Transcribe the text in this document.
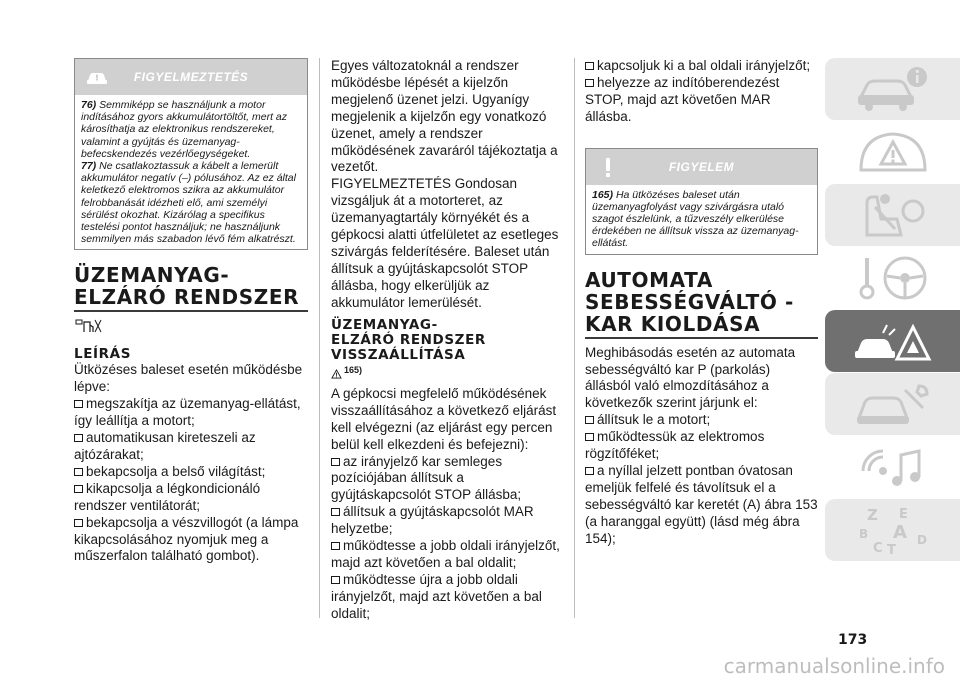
FIGYELMEZTETÉS

76) Semmiképp se használjunk a motor indításához gyors akkumulátortöltőt, mert az károsíthatja az elektronikus rendszereket, valamint a gyújtás és üzemanyag-befecskendezés vezérlőegységeket.

77) Ne csatlakoztassuk a kábelt a lemerült akkumulátor negatív (–) pólusához. Az ez által keletkező elektromos szikra az akkumulátor felrobbanását idézheti elő, ami személyi sérülést okozhat. Kizárólag a specifikus testelési pontot használjuk; ne használjunk semmilyen más szabadon lévő fém alkatrészt.

ÜZEMANYAG-

ELZÁRÓ RENDSZER

LEÍRÁS

Ütközéses baleset esetén működésbe lépve:

megszakítja az üzemanyag-ellátást, így leállítja a motort;

automatikusan kireteszeli az ajtózárakat;

bekapcsolja a belső világítást;

kikapcsolja a légkondicionáló rendszer ventilátorát;

bekapcsolja a vészvillogót (a lámpa kikapcsolásához nyomjuk meg a műszerfalon található gombot).

Egyes változatoknál a rendszer működésbe lépését a kijelzőn megjelenő üzenet jelzi. Ugyanígy megjelenik a kijelzőn egy vonatkozó üzenet, amely a rendszer működésének zavaráról tájékoztatja a vezetőt.

FIGYELMEZTETÉS Gondosan vizsgáljuk át a motorteret, az üzemanyagtartály környékét és a gépkocsi alatti útfelületet az esetleges szivárgás felderítésére. Baleset után állítsuk a gyújtáskapcsolót STOP állásba, hogy elkerüljük az akkumulátor lemerülését.

ÜZEMANYAG-

ELZÁRÓ RENDSZER

VISSZAÁLLÍTÁSA

$^{165)}$

A gépkocsi megfelelő működésének visszaállításához a következő eljárást kell elvégezni (az eljárást egy percen belül kell elkezdeni és befejezni):

az irányjelző kar semleges pozíciójában állítsuk a gyújtáskapcsolót STOP állásba;

állítsuk a gyújtáskapcsolót MAR helyzetbe;

működtesse a jobb oldali irányjelzőt, majd azt követően a bal oldalit;

működtesse újra a jobb oldali irányjelzőt, majd azt követően a bal oldalit;

kapcsoljuk ki a bal oldali irányjelzőt;

helyezze az indítóberendezést STOP, majd azt követően MAR állásba.

FIGYELEM

165) Ha ütközéses baleset után üzemanyagfolyást vagy szivárgásra utaló szagot észlelünk, a tűzveszély elkerülése érdekében ne állítsuk vissza az üzemanyag-ellátást.

AUTOMATA

SEBESSÉGVÁLTÓ -

KAR KIOLDÁSA

Meghibásodás esetén az automata sebességváltó kar P (parkolás) állásból való elmozdításához a következők szerint járjunk el:

állítsuk le a motort;

működtessük az elektromos rögzítőféket;

a nyíllal jelzett pontban óvatosan emeljük felfelé és távolítsuk el a sebességváltó kar keretét (A) ábra 153 (a haranggal együtt) (lásd még ábra 154);

Z E
B A
C
D
T
173
carmanualsonline.info
